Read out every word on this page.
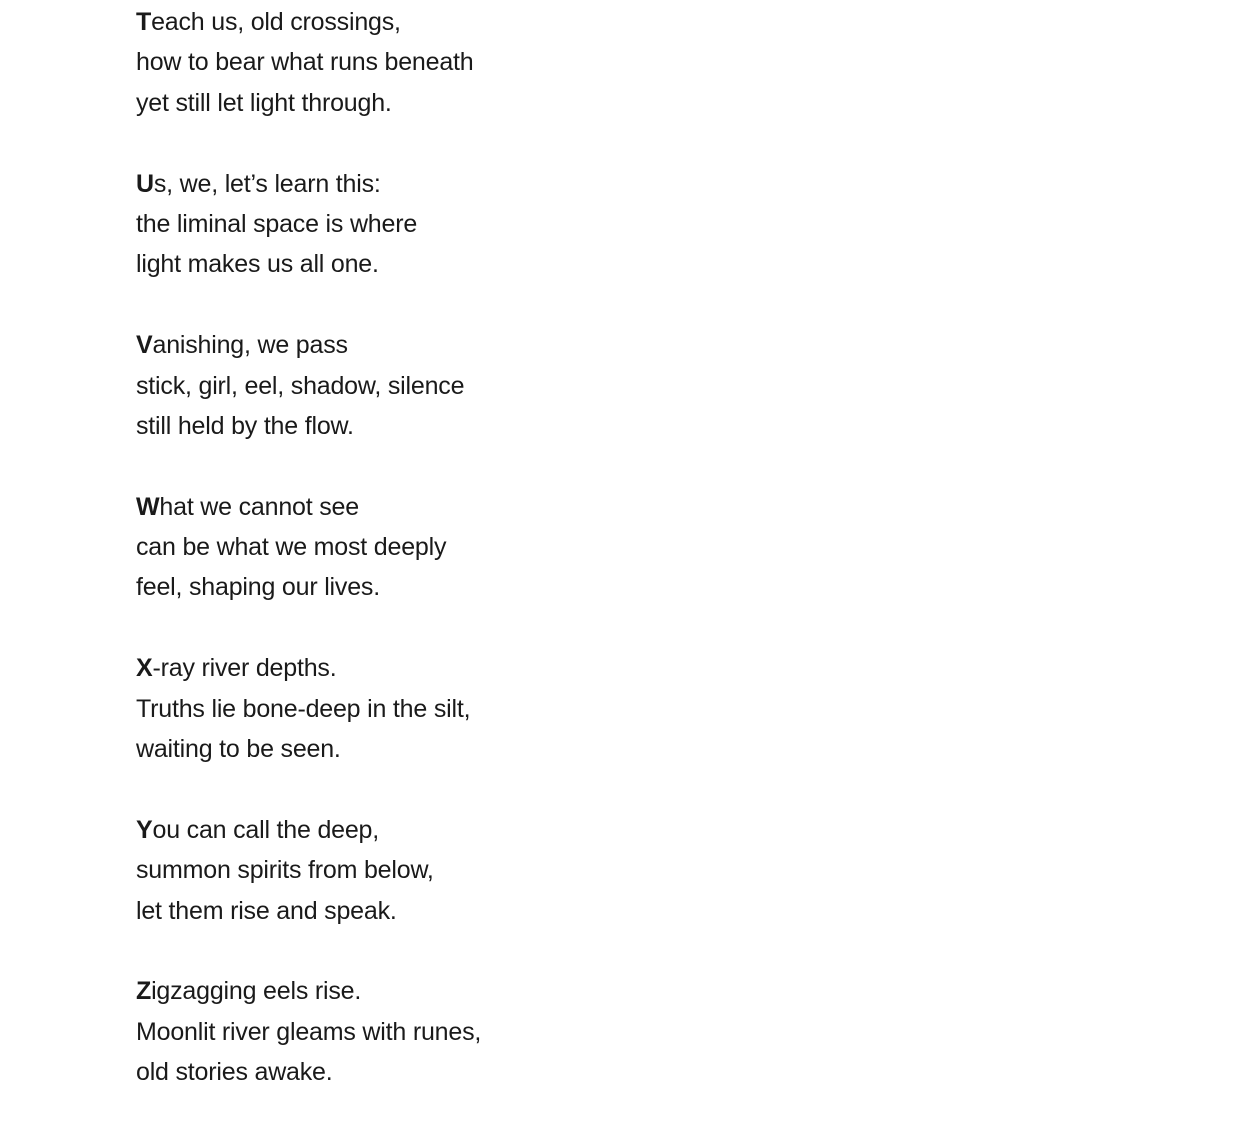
Teach us, old crossings,
how to bear what runs beneath
yet still let light through.
Us, we, let’s learn this:
the liminal space is where
light makes us all one.
Vanishing, we pass
stick, girl, eel, shadow, silence
still held by the flow.
What we cannot see
can be what we most deeply
feel, shaping our lives.
X-ray river depths.
Truths lie bone-deep in the silt,
waiting to be seen.
You can call the deep,
summon spirits from below,
let them rise and speak.
Zigzagging eels rise.
Moonlit river gleams with runes,
old stories awake.
